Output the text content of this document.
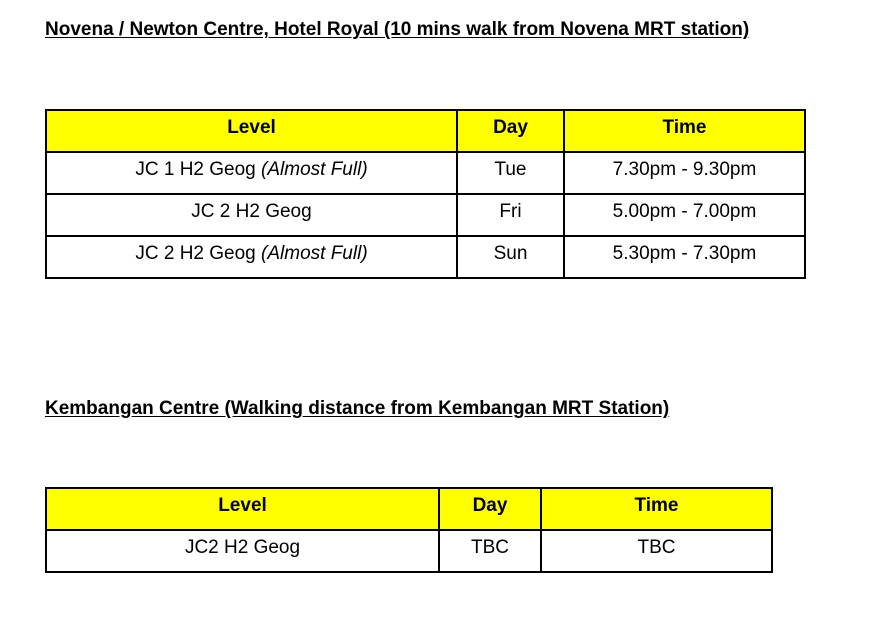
Novena / Newton Centre, Hotel Royal (10 mins walk from Novena MRT station)
Level	Day	Time
JC 1 H2 Geog (Almost Full)	Tue	7.30pm - 9.30pm
JC 2 H2 Geog	Fri	5.00pm - 7.00pm
JC 2 H2 Geog (Almost Full)	Sun	5.30pm - 7.30pm
Kembangan Centre (Walking distance from Kembangan MRT Station)
Level	Day	Time
JC2 H2 Geog	TBC	TBC
